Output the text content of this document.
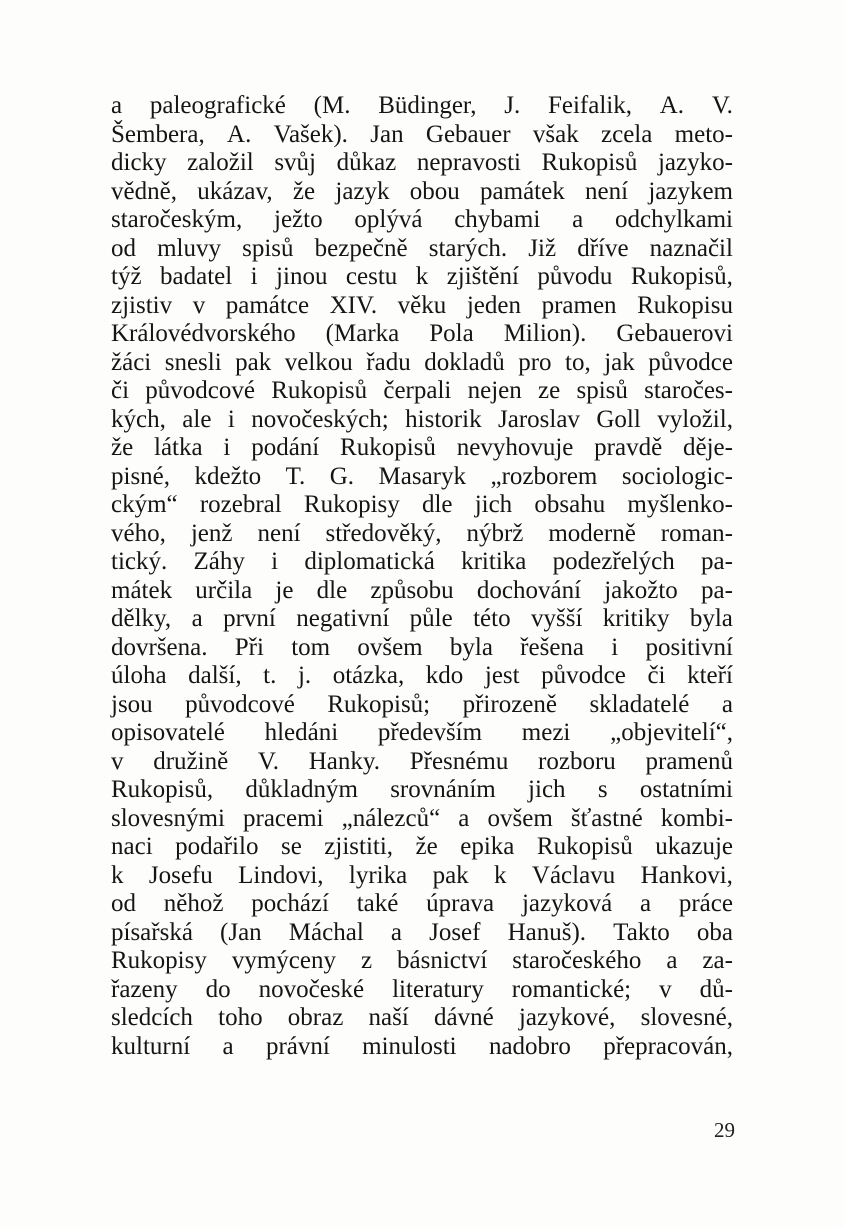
a paleografické (M. Büdinger, J. Feifalik, A. V.
Šembera, A. Vašek). Jan Gebauer však zcela meto-
dicky založil svůj důkaz nepravosti Rukopisů jazyko-
vědně, ukázav, že jazyk obou památek není jazykem
staročeským, ježto oplývá chybami a odchylkami
od mluvy spisů bezpečně starých. Již dříve naznačil
týž badatel i jinou cestu k zjištění původu Rukopisů,
zjistiv v památce XIV. věku jeden pramen Rukopisu
Královédvorského (Marka Pola Milion). Gebauerovi
žáci snesli pak velkou řadu dokladů pro to, jak původce
či původcové Rukopisů čerpali nejen ze spisů staročes-
kých, ale i novočeských; historik Jaroslav Goll vyložil,
že látka i podání Rukopisů nevyhovuje pravdě děje-
pisné, kdežto T. G. Masaryk „rozborem sociologic-
ckým“ rozebral Rukopisy dle jich obsahu myšlenko-
vého, jenž není středověký, nýbrž moderně roman-
tický. Záhy i diplomatická kritika podezřelých pa-
mátek určila je dle způsobu dochování jakožto pa-
dělky, a první negativní půle této vyšší kritiky byla
dovršena. Při tom ovšem byla řešena i positivní
úloha další, t. j. otázka, kdo jest původce či kteří
jsou původcové Rukopisů; přirozeně skladatelé a
opisovatelé hledáni především mezi „objevitelí“,
v družině V. Hanky. Přesnému rozboru pramenů
Rukopisů, důkladným srovnáním jich s ostatními
slovesnými pracemi „nálezců“ a ovšem šťastné kombi-
naci podařilo se zjistiti, že epika Rukopisů ukazuje
k Josefu Lindovi, lyrika pak k Václavu Hankovi,
od něhož pochází také úprava jazyková a práce
písařská (Jan Máchal a Josef Hanuš). Takto oba
Rukopisy vymýceny z básnictví staročeského a za-
řazeny do novočeské literatury romantické; v dů-
sledcích toho obraz naší dávné jazykové, slovesné,
kulturní a právní minulosti nadobro přepracován,
29
